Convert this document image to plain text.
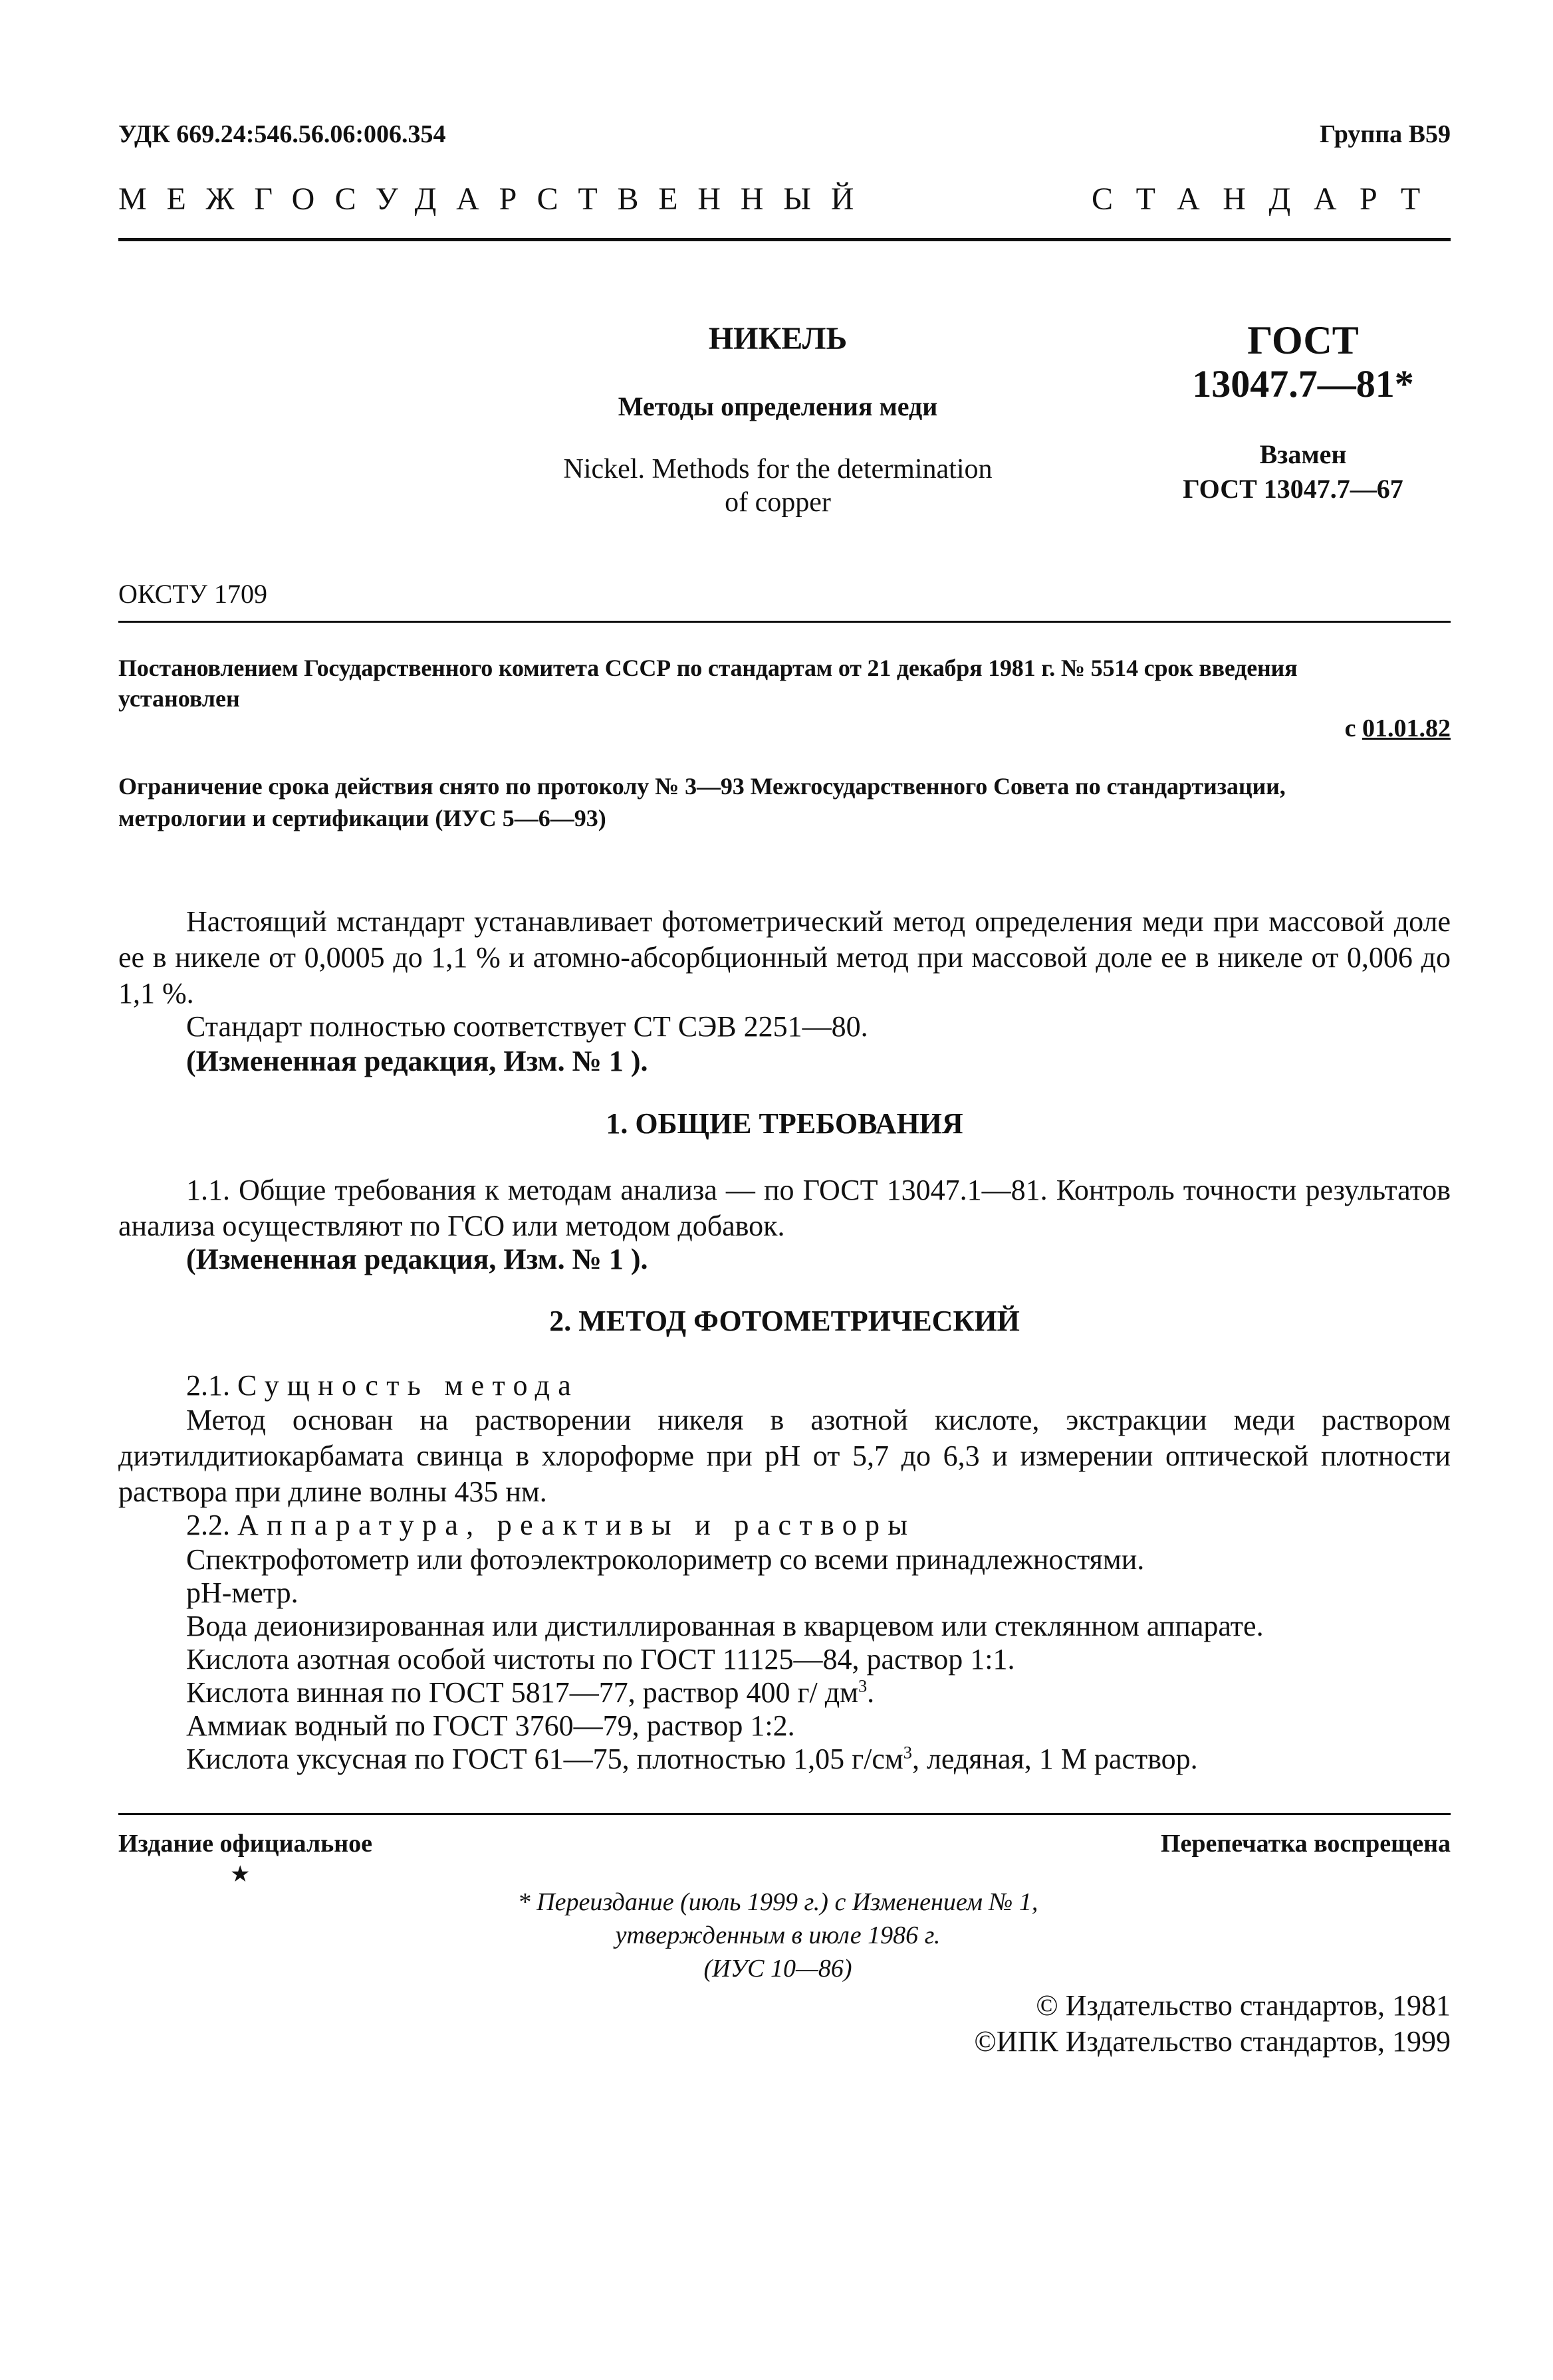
УДК 669.24:546.56.06:006.354	Группа В59
МЕЖГОСУДАРСТВЕННЫЙ	СТАНДАРТ
НИКЕЛЬ
Методы определения меди
Nickel. Methods for the determination
of copper
ГОСТ
13047.7—81*
Взамен
ГОСТ 13047.7—67
ОКСТУ 1709
Постановлением Государственного комитета СССР по стандартам от 21 декабря 1981 г. № 5514 срок введения
установлен
с 01.01.82
Ограничение срока действия снято по протоколу № 3—93 Межгосударственного Совета по стандартизации,
метрологии и сертификации (ИУС 5—6—93)
Настоящий мстандарт устанавливает фотометрический метод определения меди при массовой доле ее в никеле от 0,0005 до 1,1 % и атомно-абсорбционный метод при массовой доле ее в никеле от 0,006 до 1,1 %.
Стандарт полностью соответствует СТ СЭВ 2251—80.
(Измененная редакция, Изм. № 1 ).
1. ОБЩИЕ ТРЕБОВАНИЯ
1.1. Общие требования к методам анализа — по ГОСТ 13047.1—81. Контроль точности результатов анализа осуществляют по ГСО или методом добавок.
(Измененная редакция, Изм. № 1 ).
2. МЕТОД ФОТОМЕТРИЧЕСКИЙ
2.1. Сущность метода
Метод основан на растворении никеля в азотной кислоте, экстракции меди раствором диэтилдитиокарбамата свинца в хлороформе при pH от 5,7 до 6,3 и измерении оптической плотности раствора при длине волны 435 нм.
2.2. Аппаратура, реактивы и растворы
Спектрофотометр или фотоэлектроколориметр со всеми принадлежностями.
pH-метр.
Вода деионизированная или дистиллированная в кварцевом или стеклянном аппарате.
Кислота азотная особой чистоты по ГОСТ 11125—84, раствор 1:1.
Кислота винная по ГОСТ 5817—77, раствор 400 г/ $дм^3$.
Аммиак водный по ГОСТ 3760—79, раствор 1:2.
Кислота уксусная по ГОСТ 61—75, плотностью 1,05 $г/см^3$, ледяная, 1 М раствор.
Издание официальное
★
Перепечатка воспрещена
* Переиздание (июль 1999 г.) с Изменением № 1,
утвержденным в июле 1986 г.
(ИУС 10—86)
© Издательство стандартов, 1981
©ИПК Издательство стандартов, 1999
